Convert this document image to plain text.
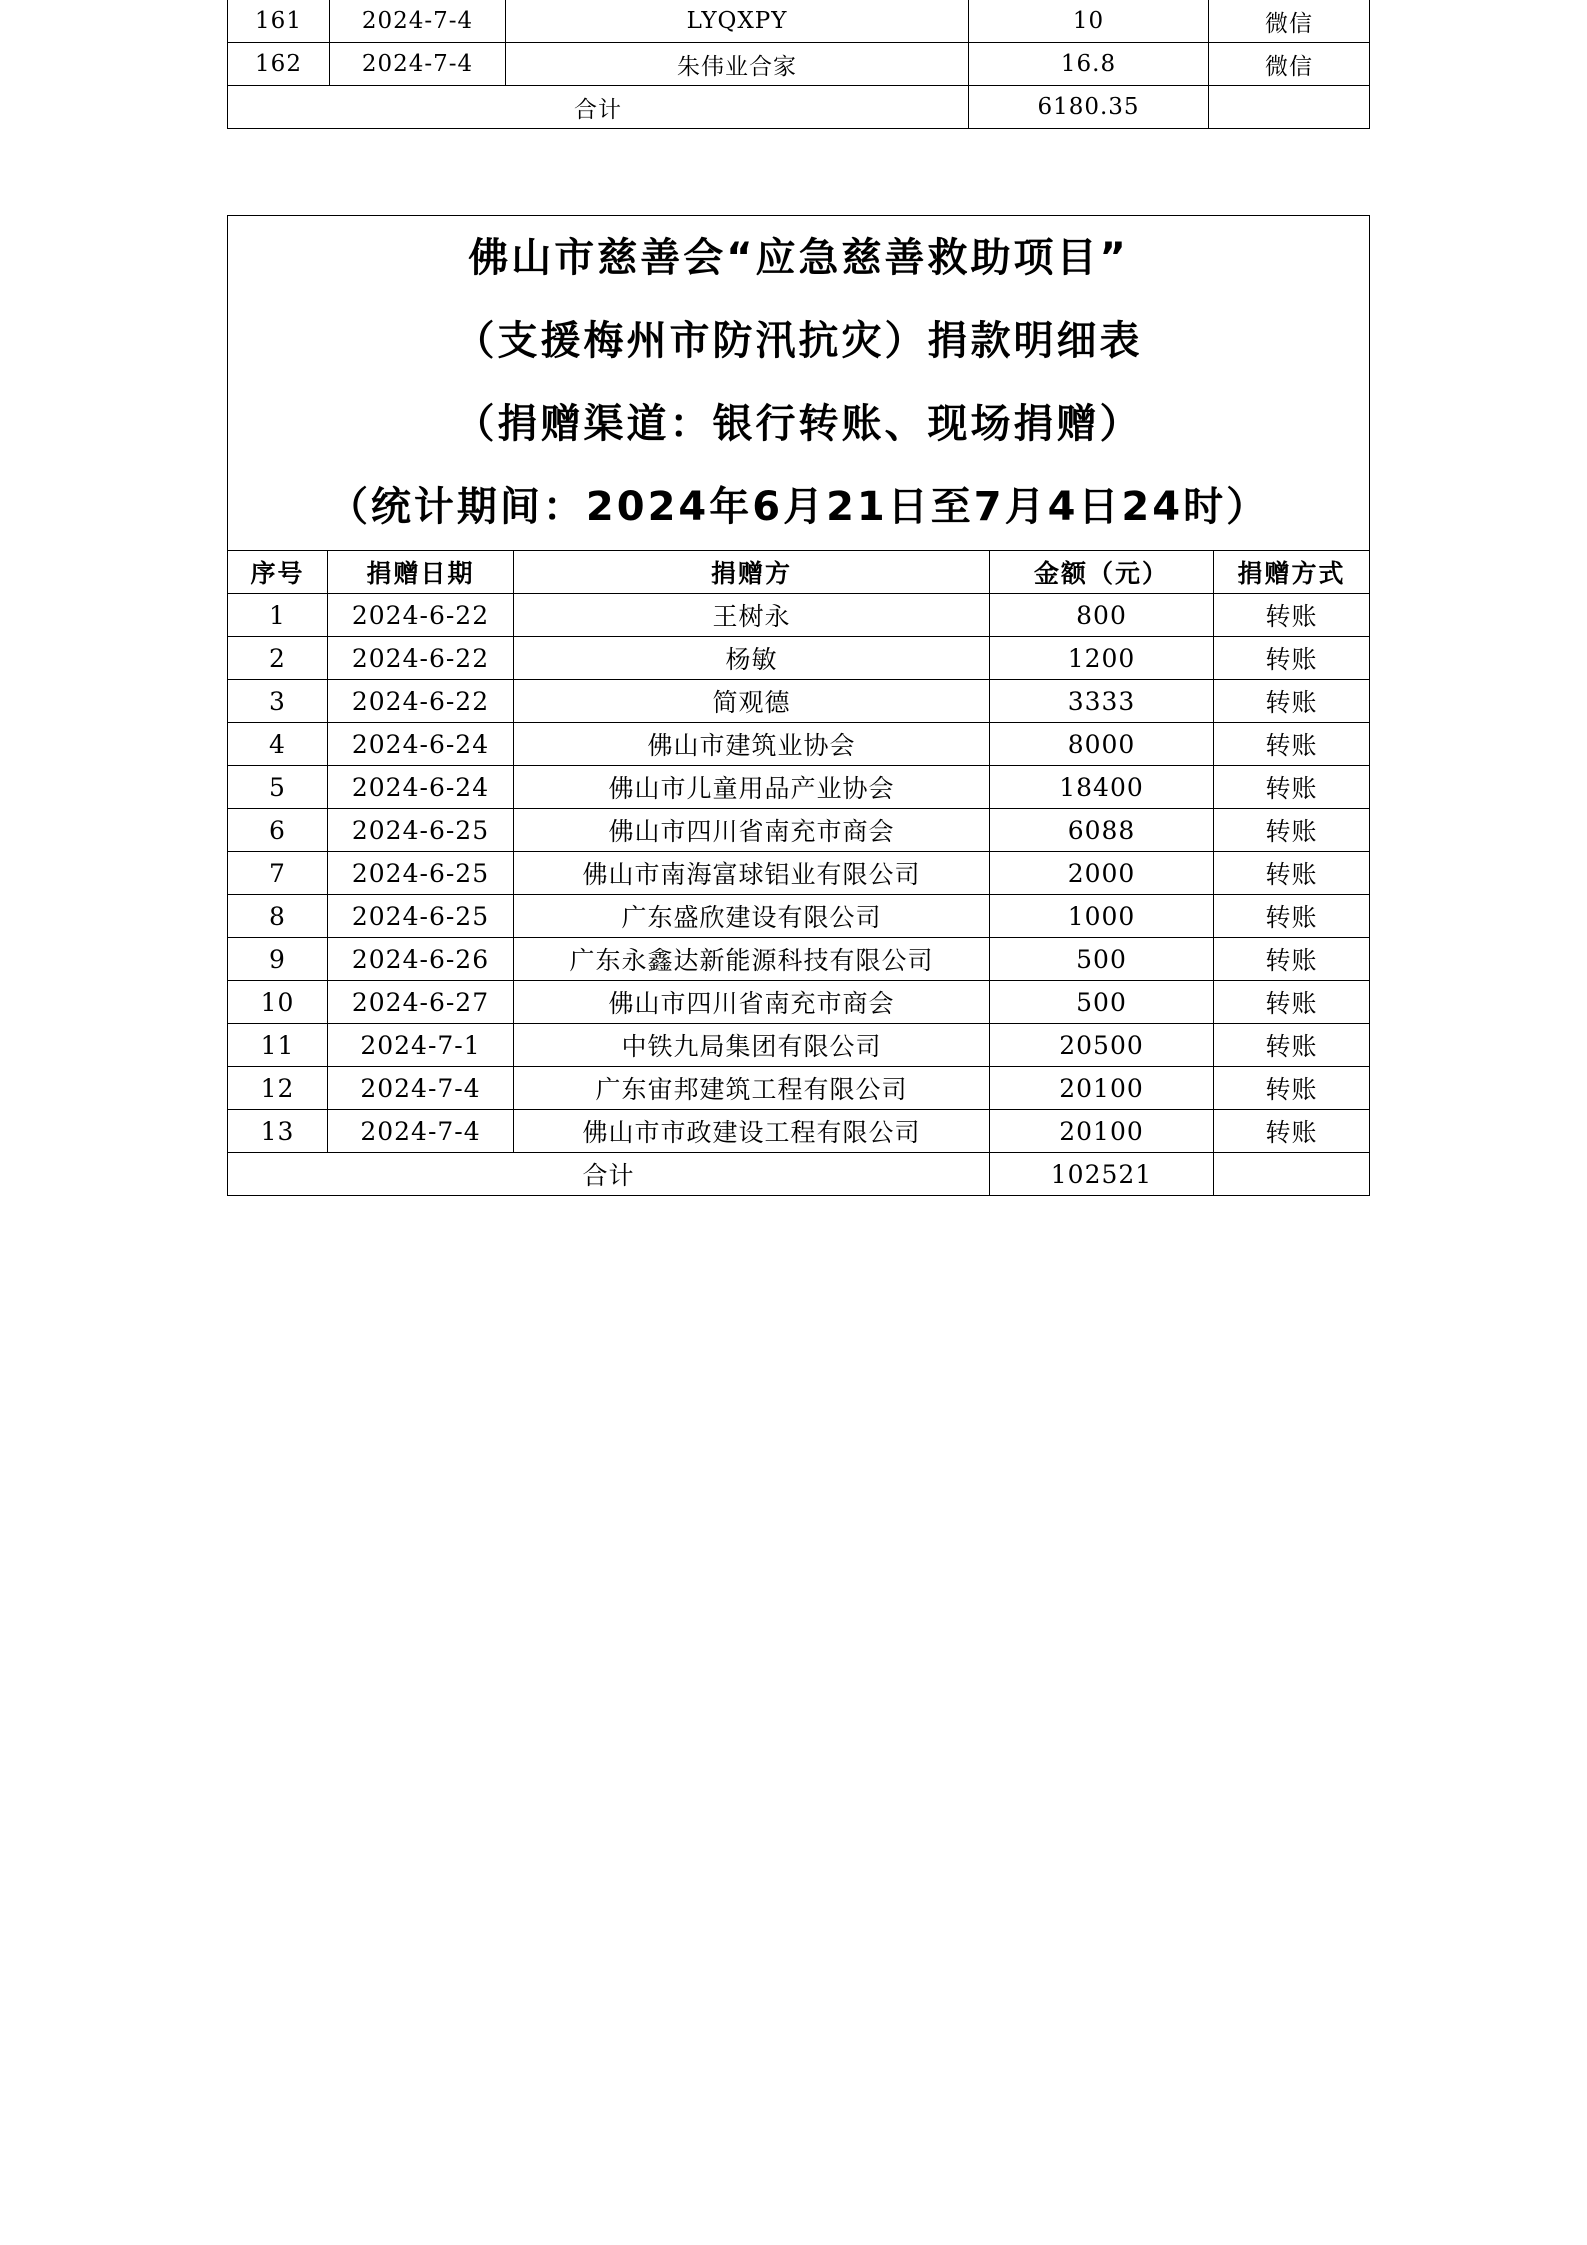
161	2024-7-4	LYQXPY	10	微信
162	2024-7-4	朱伟业合家	16.8	微信
合计			6180.35	
佛山市慈善会“应急慈善救助项目”
（支援梅州市防汛抗灾）捐款明细表
（捐赠渠道：银行转账、现场捐赠）
（统计期间：2024年6月21日至7月4日24时）				

序号	捐赠日期	捐赠方	金额（元）	捐赠方式
1	2024-6-22	王树永	800	转账
2	2024-6-22	杨敏	1200	转账
3	2024-6-22	简观德	3333	转账
4	2024-6-24	佛山市建筑业协会	8000	转账
5	2024-6-24	佛山市儿童用品产业协会	18400	转账
6	2024-6-25	佛山市四川省南充市商会	6088	转账
7	2024-6-25	佛山市南海富球铝业有限公司	2000	转账
8	2024-6-25	广东盛欣建设有限公司	1000	转账
9	2024-6-26	广东永鑫达新能源科技有限公司	500	转账
10	2024-6-27	佛山市四川省南充市商会	500	转账
11	2024-7-1	中铁九局集团有限公司	20500	转账
12	2024-7-4	广东宙邦建筑工程有限公司	20100	转账
13	2024-7-4	佛山市市政建设工程有限公司	20100	转账
合计			102521	
